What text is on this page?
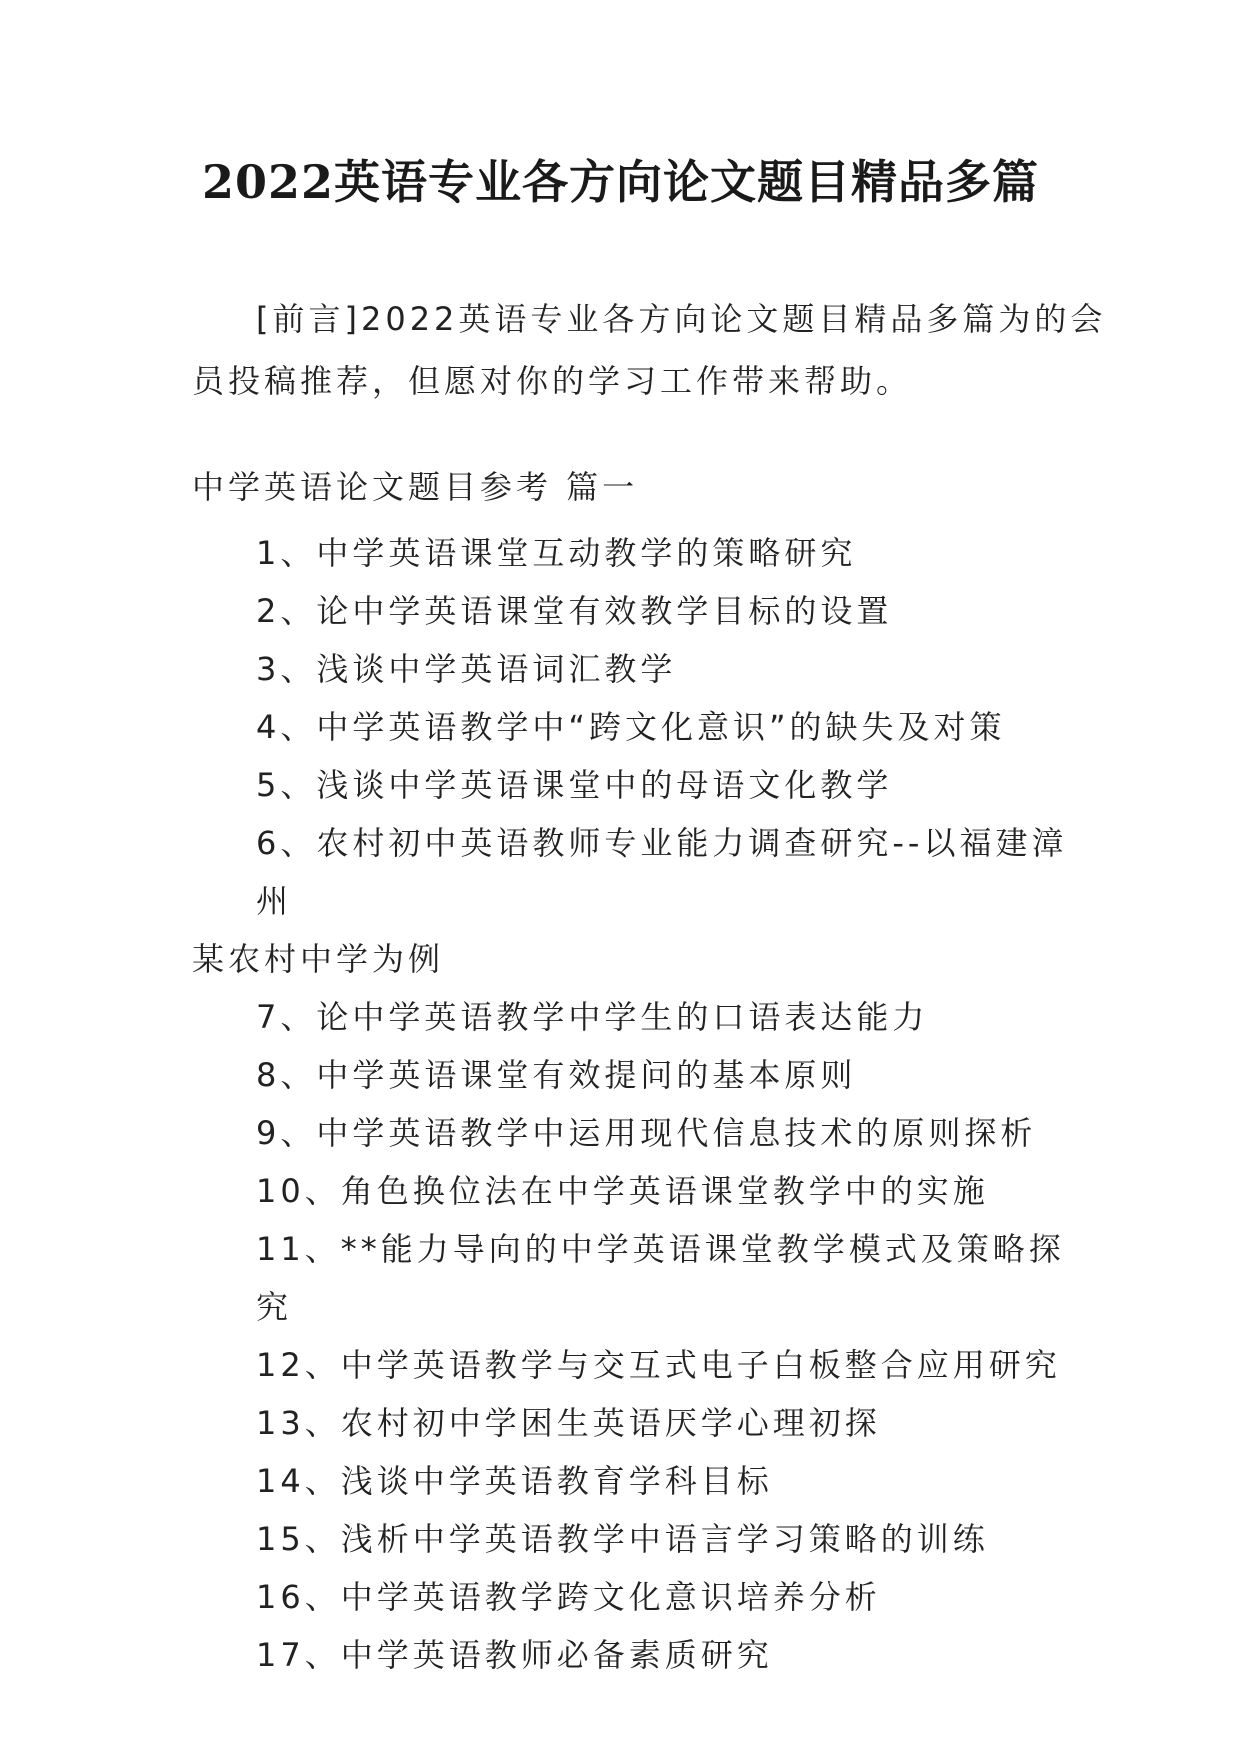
2022英语专业各方向论文题目精品多篇
[前言]2022英语专业各方向论文题目精品多篇为的会
员投稿推荐，但愿对你的学习工作带来帮助。
中学英语论文题目参考 篇一
1、中学英语课堂互动教学的策略研究
2、论中学英语课堂有效教学目标的设置
3、浅谈中学英语词汇教学
4、中学英语教学中“跨文化意识”的缺失及对策
5、浅谈中学英语课堂中的母语文化教学
6、农村初中英语教师专业能力调查研究--以福建漳州
某农村中学为例
7、论中学英语教学中学生的口语表达能力
8、中学英语课堂有效提问的基本原则
9、中学英语教学中运用现代信息技术的原则探析
10、角色换位法在中学英语课堂教学中的实施
11、**能力导向的中学英语课堂教学模式及策略探究
12、中学英语教学与交互式电子白板整合应用研究
13、农村初中学困生英语厌学心理初探
14、浅谈中学英语教育学科目标
15、浅析中学英语教学中语言学习策略的训练
16、中学英语教学跨文化意识培养分析
17、中学英语教师必备素质研究
